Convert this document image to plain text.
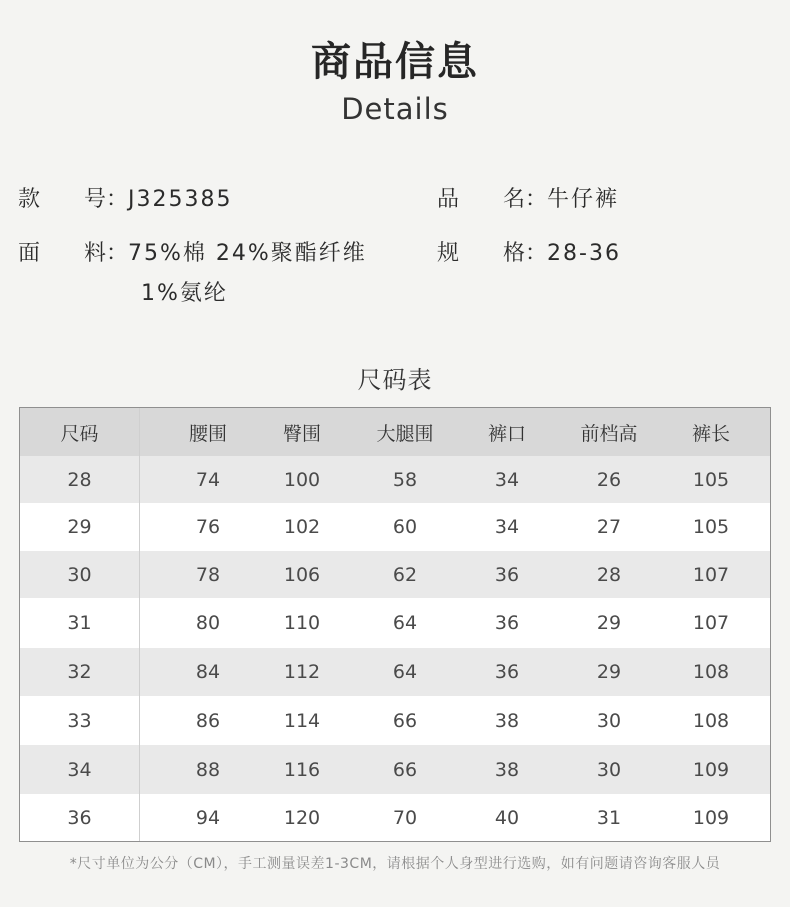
商品信息
Details
款　　号：J325385	品　　名：牛仔裤
面　　料：75%棉 24%聚酯纤维
1%氨纶
规　　格：28-36
尺码表
尺码	腰围	臀围	大腿围	裤口	前档高	裤长
28	74	100	58	34	26	105
29	76	102	60	34	27	105
30	78	106	62	36	28	107
31	80	110	64	36	29	107
32	84	112	64	36	29	108
33	86	114	66	38	30	108
34	88	116	66	38	30	109
36	94	120	70	40	31	109
*尺寸单位为公分（CM），手工测量误差1-3CM，请根据个人身型进行选购，如有问题请咨询客服人员
